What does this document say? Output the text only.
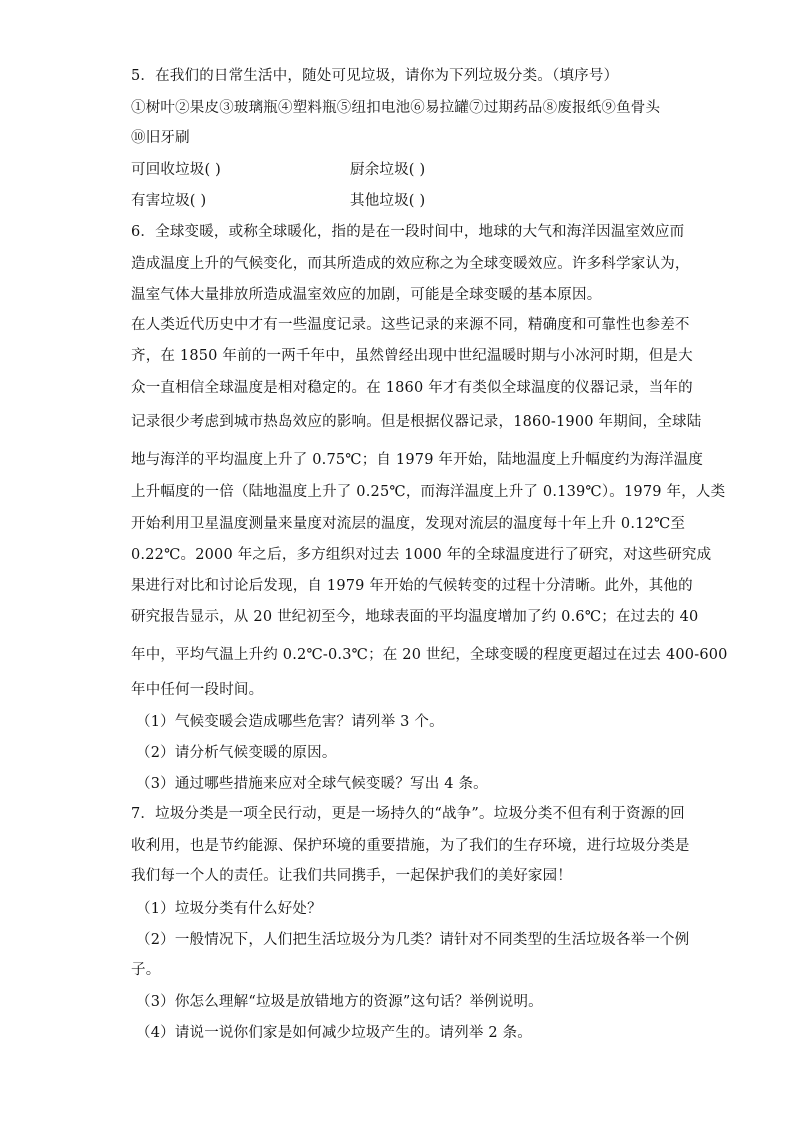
5．在我们的日常生活中，随处可见垃圾，请你为下列垃圾分类。（填序号）
①树叶②果皮③玻璃瓶④塑料瓶⑤纽扣电池⑥易拉罐⑦过期药品⑧废报纸⑨鱼骨头
⑩旧牙刷
可回收垃圾( )	厨余垃圾( )
有害垃圾( )	其他垃圾( )
6．全球变暖，或称全球暖化，指的是在一段时间中，地球的大气和海洋因温室效应而
造成温度上升的气候变化，而其所造成的效应称之为全球变暖效应。许多科学家认为，
温室气体大量排放所造成温室效应的加剧，可能是全球变暖的基本原因。
在人类近代历史中才有一些温度记录。这些记录的来源不同，精确度和可靠性也参差不
齐，在 1850 年前的一两千年中，虽然曾经出现中世纪温暖时期与小冰河时期，但是大
众一直相信全球温度是相对稳定的。在 1860 年才有类似全球温度的仪器记录，当年的
记录很少考虑到城市热岛效应的影响。但是根据仪器记录，1860-1900 年期间，全球陆
地与海洋的平均温度上升了 0.75℃；自 1979 年开始，陆地温度上升幅度约为海洋温度
上升幅度的一倍（陆地温度上升了 0.25℃，而海洋温度上升了 0.139℃）。1979 年，人类
开始利用卫星温度测量来量度对流层的温度，发现对流层的温度每十年上升 0.12℃至
0.22℃。2000 年之后，多方组织对过去 1000 年的全球温度进行了研究，对这些研究成
果进行对比和讨论后发现，自 1979 年开始的气候转变的过程十分清晰。此外，其他的
研究报告显示，从 20 世纪初至今，地球表面的平均温度增加了约 0.6℃；在过去的 40
年中，平均气温上升约 0.2℃-0.3℃；在 20 世纪，全球变暖的程度更超过在过去 400-600
年中任何一段时间。
（1）气候变暖会造成哪些危害？请列举 3 个。
（2）请分析气候变暖的原因。
（3）通过哪些措施来应对全球气候变暖？写出 4 条。
7．垃圾分类是一项全民行动，更是一场持久的“战争”。垃圾分类不但有利于资源的回
收利用，也是节约能源、保护环境的重要措施，为了我们的生存环境，进行垃圾分类是
我们每一个人的责任。让我们共同携手，一起保护我们的美好家园！
（1）垃圾分类有什么好处？
（2）一般情况下，人们把生活垃圾分为几类？请针对不同类型的生活垃圾各举一个例
子。
（3）你怎么理解“垃圾是放错地方的资源”这句话？举例说明。
（4）请说一说你们家是如何减少垃圾产生的。请列举 2 条。
